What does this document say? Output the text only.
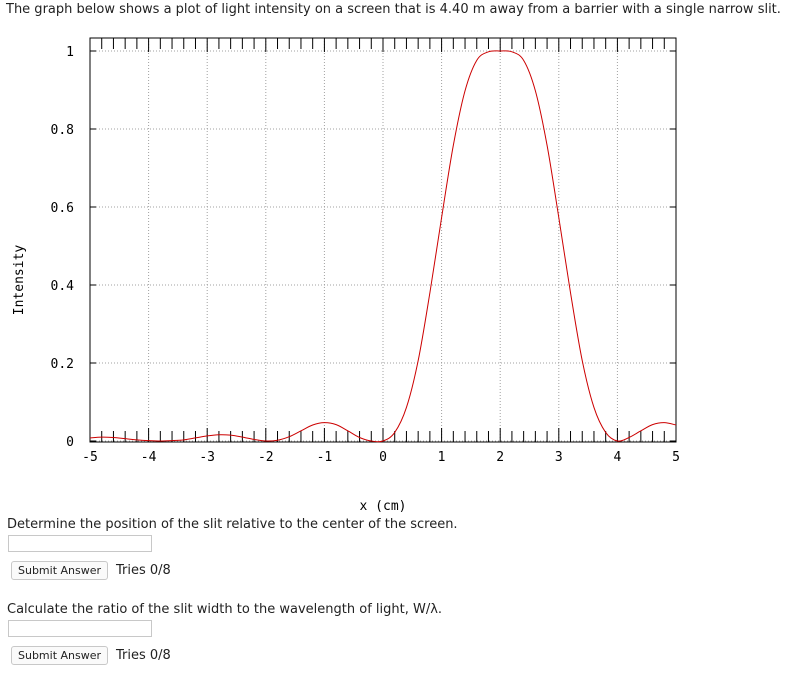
The graph below shows a plot of light intensity on a screen that is 4.40 m away from a barrier with a single narrow slit.
-5	-4	-3	-2	-1	0	1	2	3	4	5
0
0.2
0.4
0.6
0.8
1
x (cm)
Intensity
Determine the position of the slit relative to the center of the screen.
Submit Answer	Tries 0/8
Calculate the ratio of the slit width to the wavelength of light, W/λ.
Submit Answer	Tries 0/8
